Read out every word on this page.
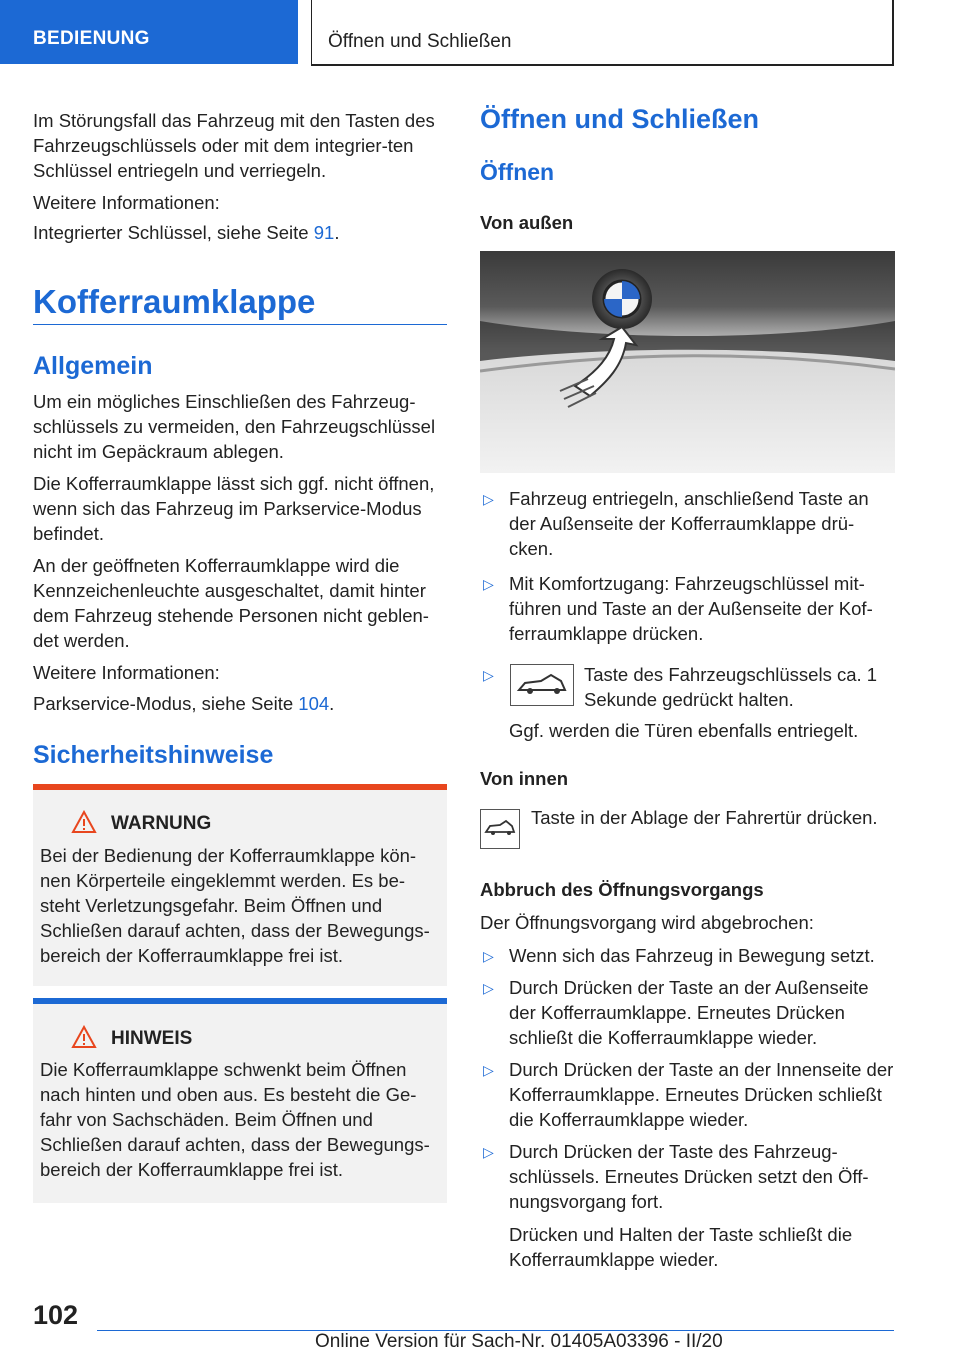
BEDIENUNG	Öffnen und Schließen

Im Störungsfall das Fahrzeug mit den Tasten des Fahrzeugschlüssels oder mit dem integrier‐ten Schlüssel entriegeln und verriegeln.

Weitere Informationen:

Integrierter Schlüssel, siehe Seite 91.

Kofferraumklappe
Allgemein

Um ein mögliches Einschließen des Fahrzeug‐schlüssels zu vermeiden, den Fahrzeugschlüssel nicht im Gepäckraum ablegen.

Die Kofferraumklappe lässt sich ggf. nicht öffnen, wenn sich das Fahrzeug im Parkservice-Modus befindet.

An der geöffneten Kofferraumklappe wird die Kennzeichenleuchte ausgeschaltet, damit hinter dem Fahrzeug stehende Personen nicht geblen‐det werden.

Weitere Informationen:

Parkservice-Modus, siehe Seite 104.

Sicherheitshinweise
WARNUNG

Bei der Bedienung der Kofferraumklappe kön‐nen Körperteile eingeklemmt werden. Es be‐steht Verletzungsgefahr. Beim Öffnen und Schließen darauf achten, dass der Bewegungs‐bereich der Kofferraumklappe frei ist.

HINWEIS

Die Kofferraumklappe schwenkt beim Öffnen nach hinten und oben aus. Es besteht die Ge‐fahr von Sachschäden. Beim Öffnen und Schließen darauf achten, dass der Bewegungs‐bereich der Kofferraumklappe frei ist.

Öffnen und Schließen
Öffnen
Von außen
▷ Fahrzeug entriegeln, anschließend Taste an der Außenseite der Kofferraumklappe drü‐cken.
▷ Mit Komfortzugang: Fahrzeugschlüssel mit‐führen und Taste an der Außenseite der Kof‐ferraumklappe drücken.
▷	Taste des Fahrzeugschlüssels ca. 1 Sekunde gedrückt halten.
Ggf. werden die Türen ebenfalls entriegelt.
Von innen
Taste in der Ablage der Fahrertür drücken.
Abbruch des Öffnungsvorgangs
Der Öffnungsvorgang wird abgebrochen:
▷ Wenn sich das Fahrzeug in Bewegung setzt.
▷ Durch Drücken der Taste an der Außenseite der Kofferraumklappe. Erneutes Drücken schließt die Kofferraumklappe wieder.
▷ Durch Drücken der Taste an der Innenseite der Kofferraumklappe. Erneutes Drücken schließt die Kofferraumklappe wieder.
▷ Durch Drücken der Taste des Fahrzeug‐schlüssels. Erneutes Drücken setzt den Öff‐nungsvorgang fort.
Drücken und Halten der Taste schließt die Kofferraumklappe wieder.
102
Online Version für Sach-Nr. 01405A03396 - II/20
